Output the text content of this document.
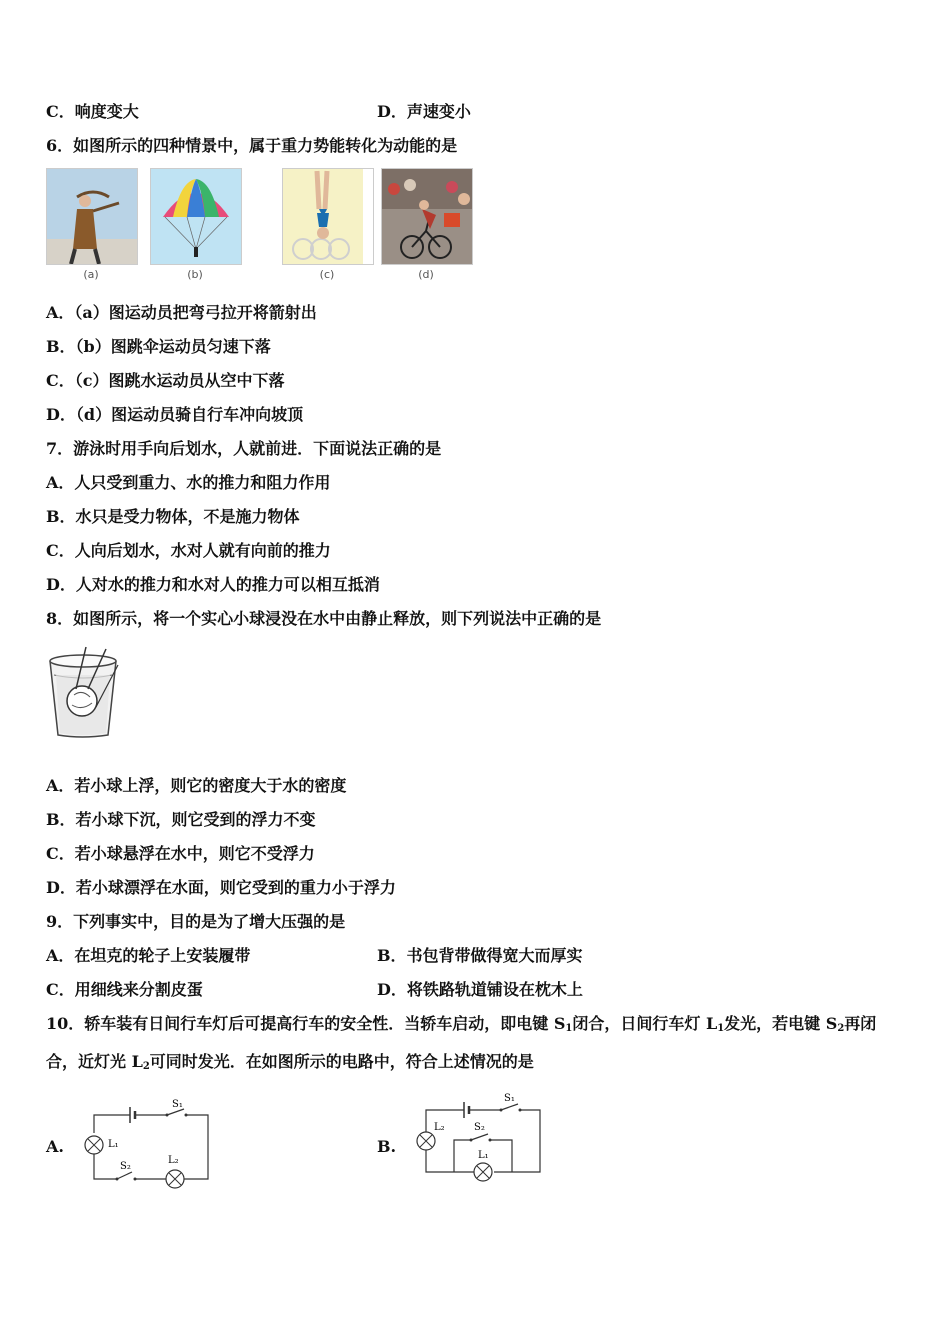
C．响度变大	D．声速变小
6．如图所示的四种情景中，属于重力势能转化为动能的是
(a)	(b)	(c)	(d)
A．（a）图运动员把弯弓拉开将箭射出
B．（b）图跳伞运动员匀速下落
C．（c）图跳水运动员从空中下落
D．（d）图运动员骑自行车冲向坡顶
7．游泳时用手向后划水，人就前进．下面说法正确的是
A．人只受到重力、水的推力和阻力作用
B．水只是受力物体，不是施力物体
C．人向后划水，水对人就有向前的推力
D．人对水的推力和水对人的推力可以相互抵消
8．如图所示，将一个实心小球浸没在水中由静止释放，则下列说法中正确的是
A．若小球上浮，则它的密度大于水的密度
B．若小球下沉，则它受到的浮力不变
C．若小球悬浮在水中，则它不受浮力
D．若小球漂浮在水面，则它受到的重力小于浮力
9．下列事实中，目的是为了增大压强的是
A．在坦克的轮子上安装履带	B．书包背带做得宽大而厚实
C．用细线来分割皮蛋	D．将铁路轨道铺设在枕木上
10．轿车装有日间行车灯后可提高行车的安全性．当轿车启动，即电键 $S_1$闭合，日间行车灯 $L_1$发光，若电键 $S_2$再闭
合，近灯光 $L_2$可同时发光．在如图所示的电路中，符合上述情况的是
A.
S₁
L₁
S₂
L₂
B.
S₁
L₂	S₂
L₁
